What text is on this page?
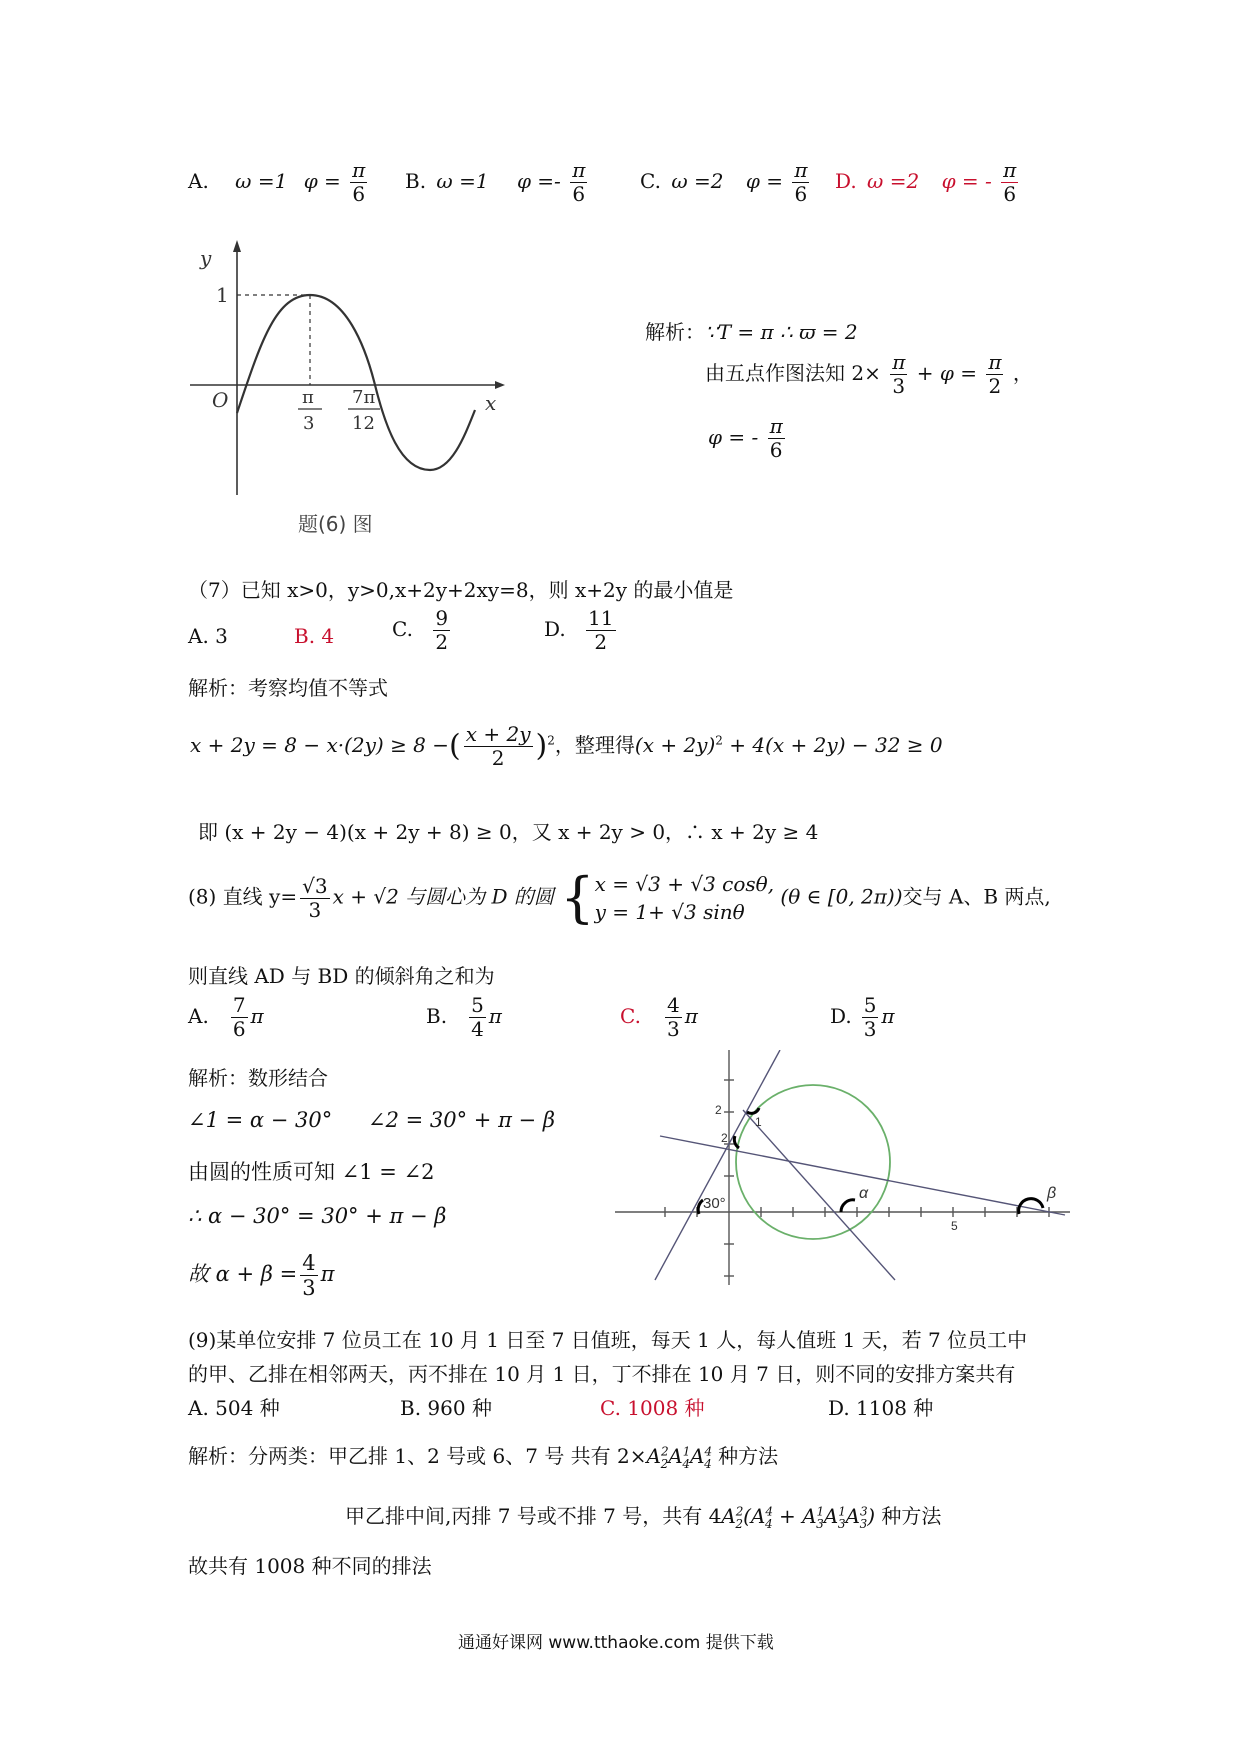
A. ω =1 $\varphi = \frac{\pi}{6} B$. ω =1 $\varphi =- \frac{\pi}{6}$	C. ω =2 $\varphi = \frac{\pi}{6} D$. ω =2 φ = - $\frac{\pi}{6}$
y
x
O
1
π
3
7π
12
题(6) 图
解析：∵T = π ∴ ϖ = 2
由五点作图法知 $2\times \frac{\pi}{3} + \varphi = \frac{\pi}{2}$ ，
φ = - $\frac{\pi}{6}$
（7）已知 x>0，y>0,x+2y+2xy=8，则 x+2y 的最小值是
A. 3	B. 4	C. $\frac{9}{2}$	D. $\frac{11}{2}$
解析：考察均值不等式
x + 2y = 8 − x·(2y) ≥ 8 −( $\frac{x + 2y}{2} )^2$，整理得$(x + 2y)^2 + 4(x + 2y) - 32 \ge 0$
即 (x + 2y − 4)(x + 2y + 8) ≥ 0，又 x + 2y > 0，∴ x + 2y ≥ 4
(8) 直线 $y= \frac{√3}{3}$ x + √2 与圆心为 D 的圆 { x = √3 + √3 cosθ,
y = 1+ √3 sinθ
(θ ∈ [0, 2π))交与 A、B 两点,
则直线 AD 与 BD 的倾斜角之和为
A. $\frac{7}{6}$ π	B. $\frac{5}{4}$ π	C. $\frac{4}{3}$ π	D. $\frac{5}{3}$ π
解析：数形结合
∠1 = α − 30° ∠2 = 30° + π − β
由圆的性质可知 ∠1 = ∠2
∴ α − 30° = 30° + π − β
故 $\alpha + \beta = \frac{4}{3}$ π
1
2
30°
α	β
2
5
(9)某单位安排 7 位员工在 10 月 1 日至 7 日值班，每天 1 人，每人值班 1 天，若 7 位员工中
的甲、乙排在相邻两天，丙不排在 10 月 1 日，丁不排在 10 月 7 日，则不同的安排方案共有
A. 504 种	B. 960 种	C. 1008 种	D. 1108 种
解析：分两类：甲乙排 1、2 号或 6、7 号 共有 $2\times A^2_2A^1_4A^4_4$ 种方法
甲乙排中间,丙排 7 号或不排 7 号，共有 $4A^2_2(A^4_4 + A^1_3A^1_3A^3_3)$ 种方法
故共有 1008 种不同的排法
通通好课网 www.tthaoke.com 提供下载
